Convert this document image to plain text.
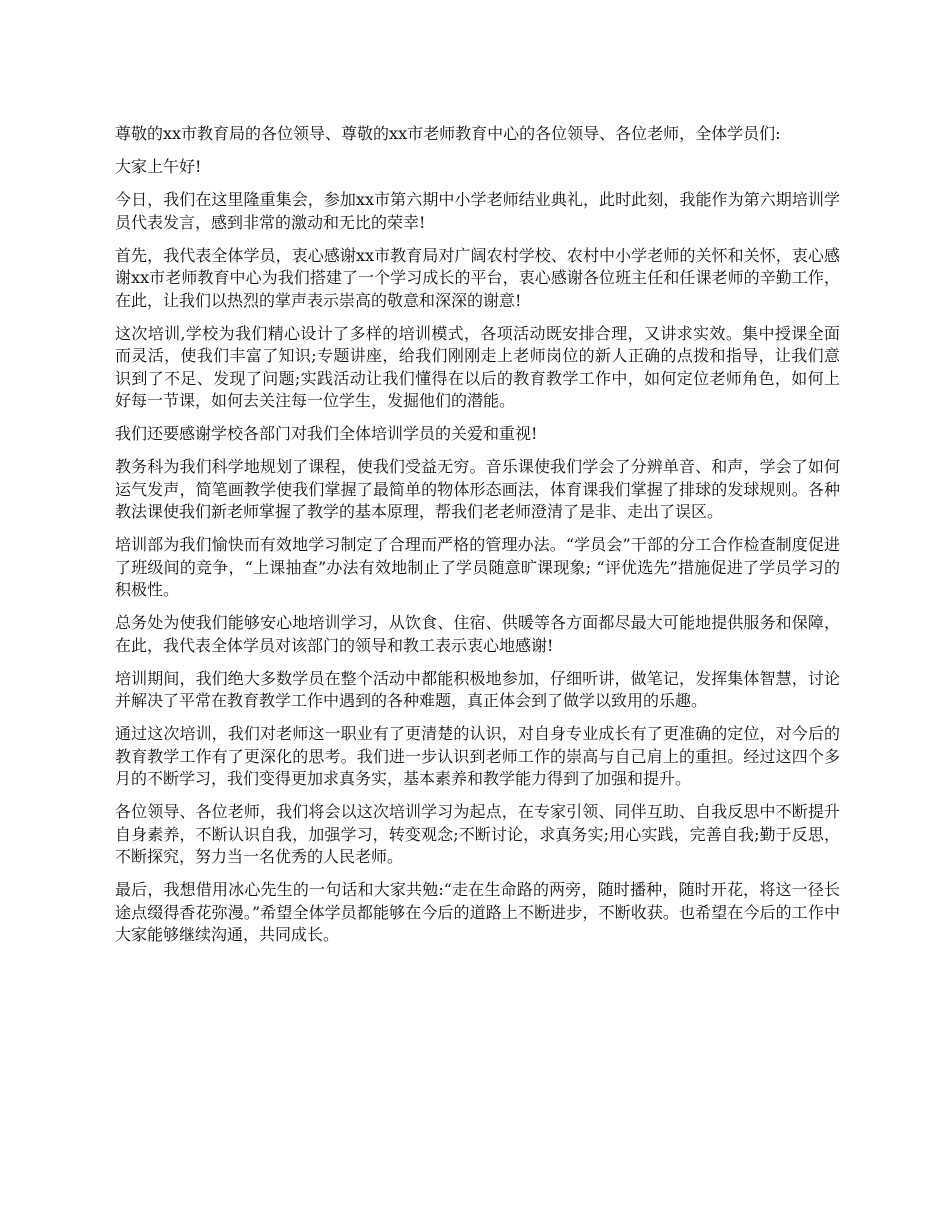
尊敬的xx市教育局的各位领导、尊敬的xx市老师教育中心的各位领导、各位老师，全体学员们:

大家上午好!

今日，我们在这里隆重集会，参加xx市第六期中小学老师结业典礼，此时此刻，我能作为第六期培训学员代表发言，感到非常的激动和无比的荣幸!

首先，我代表全体学员，衷心感谢xx市教育局对广阔农村学校、农村中小学老师的关怀和关怀，衷心感谢xx市老师教育中心为我们搭建了一个学习成长的平台，衷心感谢各位班主任和任课老师的辛勤工作，在此，让我们以热烈的掌声表示崇高的敬意和深深的谢意!

这次培训,学校为我们精心设计了多样的培训模式，各项活动既安排合理，又讲求实效。集中授课全面而灵活，使我们丰富了知识;专题讲座，给我们刚刚走上老师岗位的新人正确的点拨和指导，让我们意识到了不足、发现了问题;实践活动让我们懂得在以后的教育教学工作中，如何定位老师角色，如何上好每一节课，如何去关注每一位学生，发掘他们的潜能。

我们还要感谢学校各部门对我们全体培训学员的关爱和重视!

教务科为我们科学地规划了课程，使我们受益无穷。音乐课使我们学会了分辨单音、和声，学会了如何运气发声，简笔画教学使我们掌握了最简单的物体形态画法，体育课我们掌握了排球的发球规则。各种教法课使我们新老师掌握了教学的基本原理，帮我们老老师澄清了是非、走出了误区。

培训部为我们愉快而有效地学习制定了合理而严格的管理办法。“学员会”干部的分工合作检查制度促进了班级间的竞争，“上课抽查”办法有效地制止了学员随意旷课现象; “评优选先”措施促进了学员学习的积极性。

总务处为使我们能够安心地培训学习，从饮食、住宿、供暖等各方面都尽最大可能地提供服务和保障，在此，我代表全体学员对该部门的领导和教工表示衷心地感谢!

培训期间，我们绝大多数学员在整个活动中都能积极地参加，仔细听讲，做笔记，发挥集体智慧，讨论并解决了平常在教育教学工作中遇到的各种难题，真正体会到了做学以致用的乐趣。

通过这次培训，我们对老师这一职业有了更清楚的认识，对自身专业成长有了更准确的定位，对今后的教育教学工作有了更深化的思考。我们进一步认识到老师工作的崇高与自己肩上的重担。经过这四个多月的不断学习，我们变得更加求真务实，基本素养和教学能力得到了加强和提升。

各位领导、各位老师，我们将会以这次培训学习为起点，在专家引领、同伴互助、自我反思中不断提升自身素养，不断认识自我，加强学习，转变观念;不断讨论，求真务实;用心实践，完善自我;勤于反思，不断探究，努力当一名优秀的人民老师。

最后，我想借用冰心先生的一句话和大家共勉:“走在生命路的两旁，随时播种，随时开花，将这一径长途点缀得香花弥漫。”希望全体学员都能够在今后的道路上不断进步，不断收获。也希望在今后的工作中大家能够继续沟通，共同成长。
